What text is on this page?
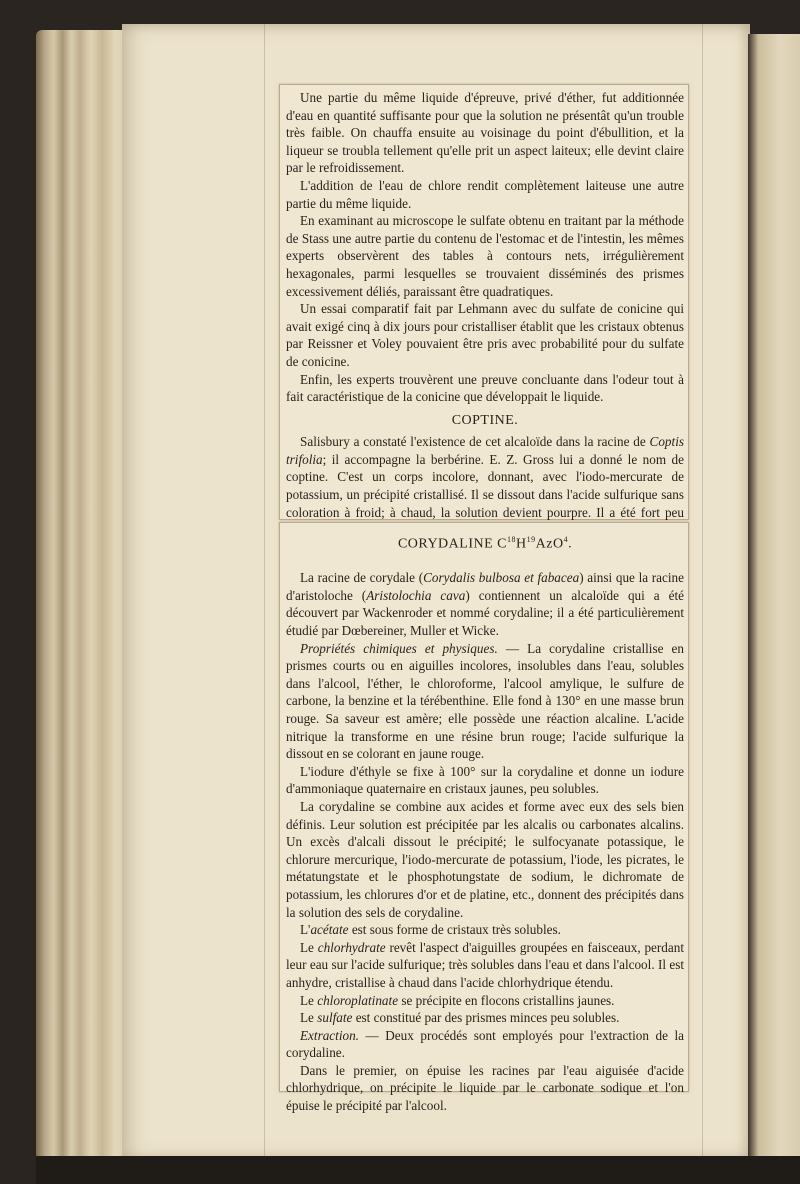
Une partie du même liquide d'épreuve, privé d'éther, fut additionnée d'eau en quantité suffisante pour que la solution ne présentât qu'un trouble très faible. On chauffa ensuite au voisinage du point d'ébullition, et la liqueur se troubla tellement qu'elle prit un aspect laiteux; elle devint claire par le refroidissement.

L'addition de l'eau de chlore rendit complètement laiteuse une autre partie du même liquide.

En examinant au microscope le sulfate obtenu en traitant par la méthode de Stass une autre partie du contenu de l'estomac et de l'intestin, les mêmes experts observèrent des tables à contours nets, irrégulièrement hexagonales, parmi lesquelles se trouvaient disséminés des prismes excessivement déliés, paraissant être quadratiques.

Un essai comparatif fait par Lehmann avec du sulfate de conicine qui avait exigé cinq à dix jours pour cristalliser établit que les cristaux obtenus par Reissner et Voley pouvaient être pris avec probabilité pour du sulfate de conicine.

Enfin, les experts trouvèrent une preuve concluante dans l'odeur tout à fait caractéristique de la conicine que développait le liquide.

COPTINE.

Salisbury a constaté l'existence de cet alcaloïde dans la racine de Coptis trifolia; il accompagne la berbérine. E. Z. Gross lui a donné le nom de coptine. C'est un corps incolore, donnant, avec l'iodo-mercurate de potassium, un précipité cristallisé. Il se dissout dans l'acide sulfurique sans coloration à froid; à chaud, la solution devient pourpre. Il a été fort peu

CORYDALINE $C^{18}H^{19}AzO^4$.

La racine de corydale (Corydalis bulbosa et fabacea) ainsi que la racine d'aristoloche (Aristolochia cava) contiennent un alcaloïde qui a été découvert par Wackenroder et nommé corydaline; il a été particulièrement étudié par Dœbereiner, Muller et Wicke.

Propriétés chimiques et physiques. — La corydaline cristallise en prismes courts ou en aiguilles incolores, insolubles dans l'eau, solubles dans l'alcool, l'éther, le chloroforme, l'alcool amylique, le sulfure de carbone, la benzine et la térébenthine. Elle fond à 130° en une masse brun rouge. Sa saveur est amère; elle possède une réaction alcaline. L'acide nitrique la transforme en une résine brun rouge; l'acide sulfurique la dissout en se colorant en jaune rouge.

L'iodure d'éthyle se fixe à 100° sur la corydaline et donne un iodure d'ammoniaque quaternaire en cristaux jaunes, peu solubles.

La corydaline se combine aux acides et forme avec eux des sels bien définis. Leur solution est précipitée par les alcalis ou carbonates alcalins. Un excès d'alcali dissout le précipité; le sulfocyanate potassique, le chlorure mercurique, l'iodo-mercurate de potassium, l'iode, les picrates, le métatungstate et le phosphotungstate de sodium, le dichromate de potassium, les chlorures d'or et de platine, etc., donnent des précipités dans la solution des sels de corydaline.

L'acétate est sous forme de cristaux très solubles.

Le chlorhydrate revêt l'aspect d'aiguilles groupées en faisceaux, perdant leur eau sur l'acide sulfurique; très solubles dans l'eau et dans l'alcool. Il est anhydre, cristallise à chaud dans l'acide chlorhydrique étendu.

Le chloroplatinate se précipite en flocons cristallins jaunes.

Le sulfate est constitué par des prismes minces peu solubles.

Extraction. — Deux procédés sont employés pour l'extraction de la corydaline.

Dans le premier, on épuise les racines par l'eau aiguisée d'acide chlorhydrique, on précipite le liquide par le carbonate sodique et l'on épuise le précipité par l'alcool.
